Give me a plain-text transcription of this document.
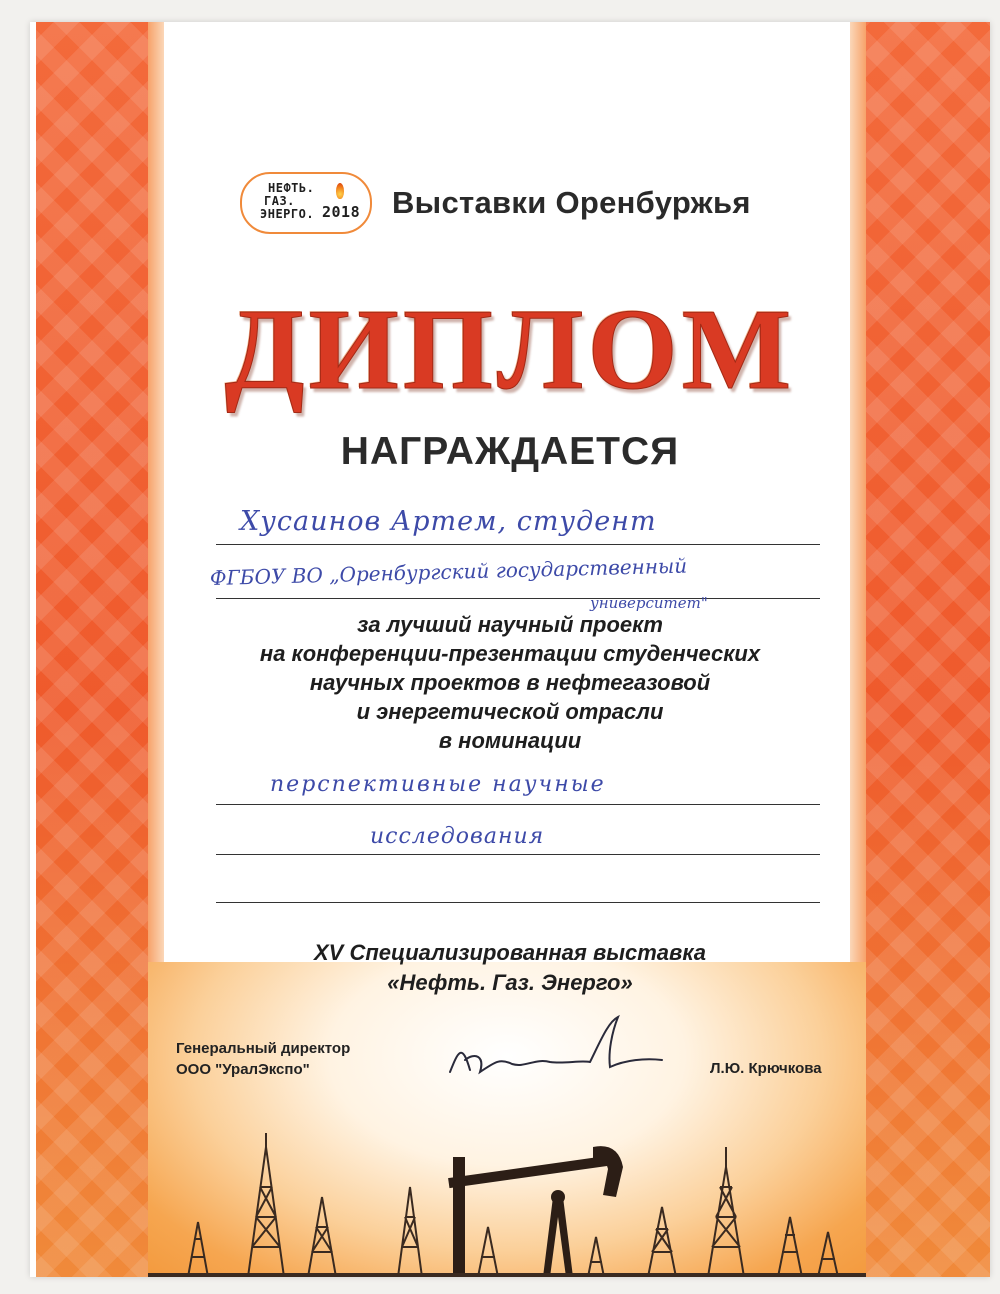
НЕФТЬ.
ГАЗ.
ЭНЕРГО. 2018 Выставки Оренбуржья
ДИПЛОМ
НАГРАЖДАЕТСЯ
Хусаинов Артем, студент
ФГБОУ ВО „Оренбургский государственный
университет"
за лучший научный проект
на конференции-презентации студенческих
научных проектов в нефтегазовой
и энергетической отрасли
в номинации
перспективные научные
исследования
XV Специализированная выставка
«Нефть. Газ. Энерго»
Генеральный директор
ООО "УралЭкспо"	Л.Ю. Крючкова
